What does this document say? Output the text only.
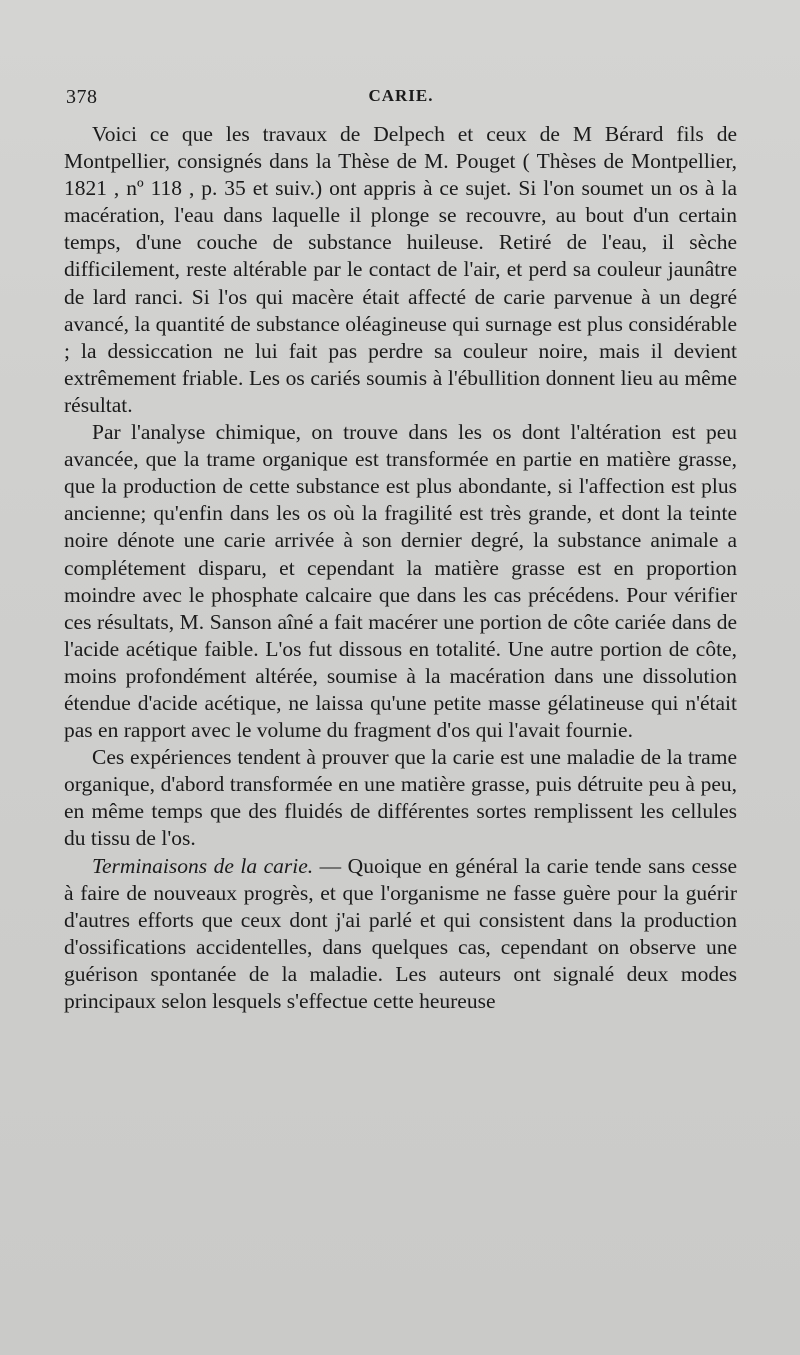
378	CARIE.

Voici ce que les travaux de Delpech et ceux de M Bérard fils de Montpellier, consignés dans la Thèse de M. Pouget ( Thèses de Montpellier, 1821 , nº 118 , p. 35 et suiv.) ont appris à ce sujet. Si l'on soumet un os à la macération, l'eau dans laquelle il plonge se recouvre, au bout d'un certain temps, d'une couche de substance huileuse. Retiré de l'eau, il sèche difficilement, reste altérable par le contact de l'air, et perd sa couleur jaunâtre de lard ranci. Si l'os qui macère était affecté de carie parvenue à un degré avancé, la quantité de substance oléagineuse qui surnage est plus considérable ; la dessiccation ne lui fait pas perdre sa couleur noire, mais il devient extrêmement friable. Les os cariés soumis à l'ébullition donnent lieu au même résultat.

Par l'analyse chimique, on trouve dans les os dont l'altération est peu avancée, que la trame organique est transformée en partie en matière grasse, que la production de cette substance est plus abondante, si l'affection est plus ancienne; qu'enfin dans les os où la fragilité est très grande, et dont la teinte noire dénote une carie arrivée à son dernier degré, la substance animale a complétement disparu, et cependant la matière grasse est en proportion moindre avec le phosphate calcaire que dans les cas précédens. Pour vérifier ces résultats, M. Sanson aîné a fait macérer une portion de côte cariée dans de l'acide acétique faible. L'os fut dissous en totalité. Une autre portion de côte, moins profondément altérée, soumise à la macération dans une dissolution étendue d'acide acétique, ne laissa qu'une petite masse gélatineuse qui n'était pas en rapport avec le volume du fragment d'os qui l'avait fournie.

Ces expériences tendent à prouver que la carie est une maladie de la trame organique, d'abord transformée en une matière grasse, puis détruite peu à peu, en même temps que des fluidés de différentes sortes remplissent les cellules du tissu de l'os.

Terminaisons de la carie. — Quoique en général la carie tende sans cesse à faire de nouveaux progrès, et que l'organisme ne fasse guère pour la guérir d'autres efforts que ceux dont j'ai parlé et qui consistent dans la production d'ossifications accidentelles, dans quelques cas, cependant on observe une guérison spontanée de la maladie. Les auteurs ont signalé deux modes principaux selon lesquels s'effectue cette heureuse
